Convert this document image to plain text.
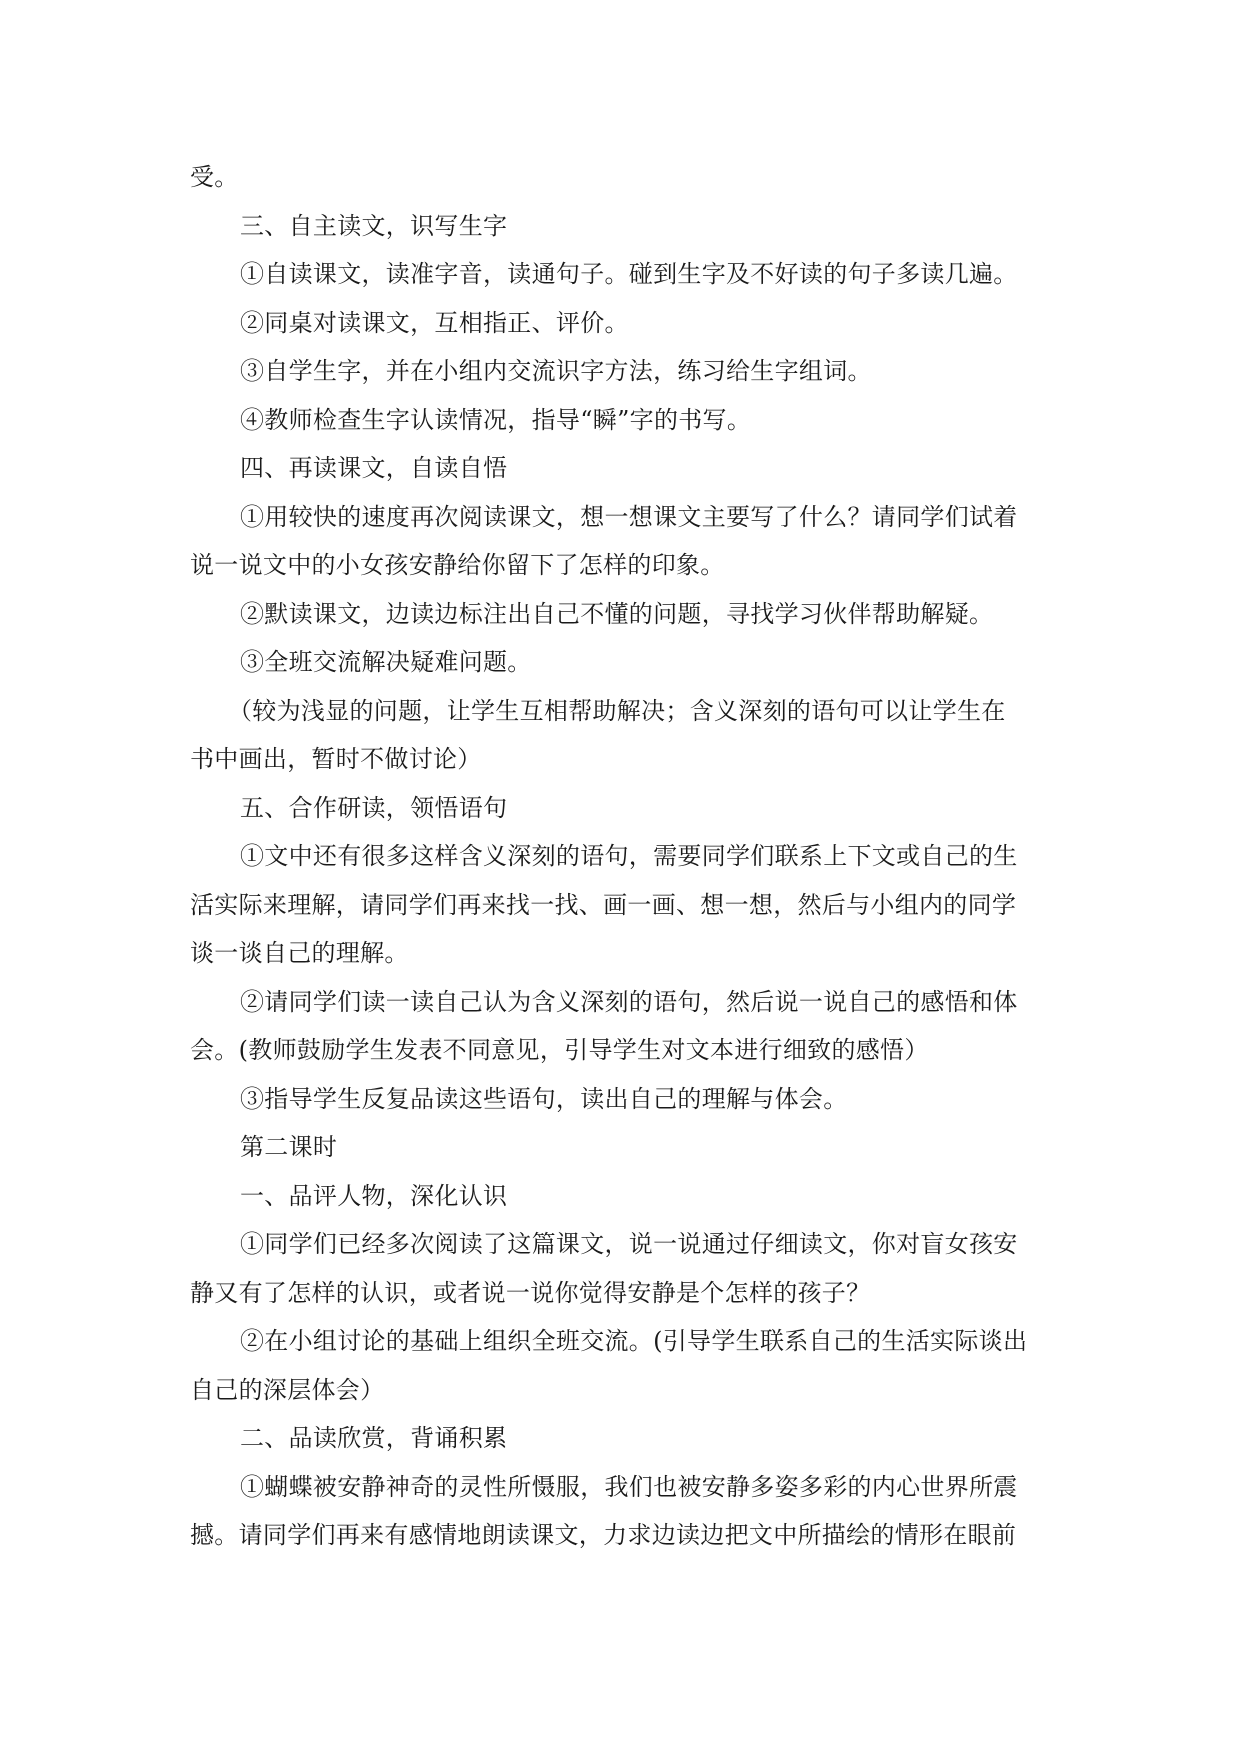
受。
三、自主读文，识写生字
①自读课文，读准字音，读通句子。碰到生字及不好读的句子多读几遍。
②同桌对读课文，互相指正、评价。
③自学生字，并在小组内交流识字方法，练习给生字组词。
④教师检查生字认读情况，指导“瞬”字的书写。
四、再读课文，自读自悟
①用较快的速度再次阅读课文，想一想课文主要写了什么？请同学们试着
说一说文中的小女孩安静给你留下了怎样的印象。
②默读课文，边读边标注出自己不懂的问题，寻找学习伙伴帮助解疑。
③全班交流解决疑难问题。
（较为浅显的问题，让学生互相帮助解决；含义深刻的语句可以让学生在
书中画出，暂时不做讨论）
五、合作研读，领悟语句
①文中还有很多这样含义深刻的语句，需要同学们联系上下文或自己的生
活实际来理解，请同学们再来找一找、画一画、想一想，然后与小组内的同学
谈一谈自己的理解。
②请同学们读一读自己认为含义深刻的语句，然后说一说自己的感悟和体
会。(教师鼓励学生发表不同意见，引导学生对文本进行细致的感悟）
③指导学生反复品读这些语句，读出自己的理解与体会。
第二课时
一、品评人物，深化认识
①同学们已经多次阅读了这篇课文，说一说通过仔细读文，你对盲女孩安
静又有了怎样的认识，或者说一说你觉得安静是个怎样的孩子？
②在小组讨论的基础上组织全班交流。(引导学生联系自己的生活实际谈出
自己的深层体会）
二、品读欣赏，背诵积累
①蝴蝶被安静神奇的灵性所慑服，我们也被安静多姿多彩的内心世界所震
撼。请同学们再来有感情地朗读课文，力求边读边把文中所描绘的情形在眼前
